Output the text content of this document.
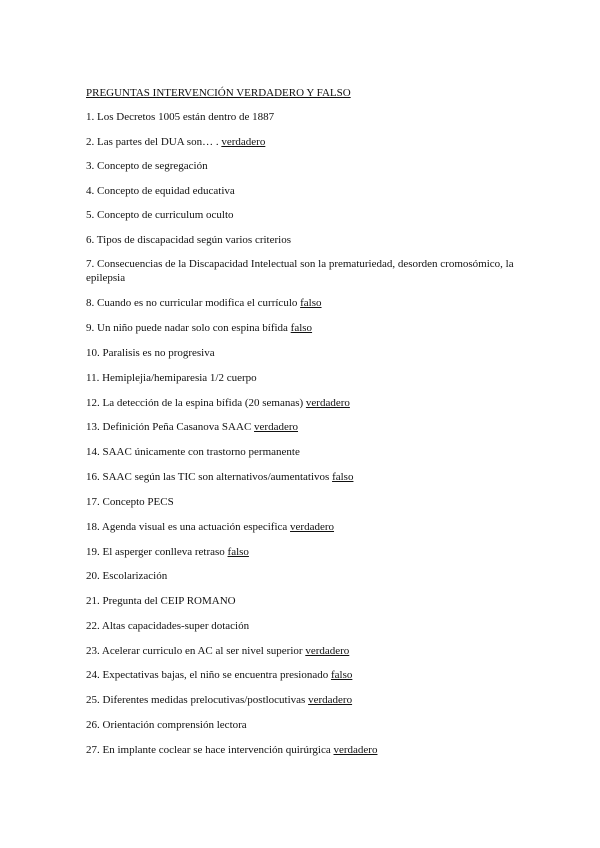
PREGUNTAS INTERVENCIÓN VERDADERO Y FALSO
1. Los Decretos 1005 están dentro de 1887
2. Las partes del DUA son… . verdadero
3. Concepto de segregación
4. Concepto de equidad educativa
5. Concepto de curriculum oculto
6. Tipos de discapacidad según varios criterios
7. Consecuencias de la Discapacidad Intelectual son la prematuriedad, desorden cromosómico, la epilepsia
8. Cuando es no curricular modifica el currículo falso
9. Un niño puede nadar solo con espina bífida falso
10. Paralisis es no progresiva
11. Hemiplejia/hemiparesia 1/2 cuerpo
12. La detección de la espina bífida (20 semanas) verdadero
13. Definición Peña Casanova SAAC verdadero
14. SAAC únicamente con trastorno permanente
16. SAAC según las TIC son alternativos/aumentativos falso
17. Concepto PECS
18. Agenda visual es una actuación especifica verdadero
19. El asperger conlleva retraso falso
20. Escolarización
21. Pregunta del CEIP ROMANO
22. Altas capacidades-super dotación
23. Acelerar curriculo en AC al ser nivel superior verdadero
24. Expectativas bajas, el niño se encuentra presionado falso
25. Diferentes medidas prelocutivas/postlocutivas verdadero
26. Orientación comprensión lectora
27. En implante coclear se hace intervención quirúrgica verdadero
